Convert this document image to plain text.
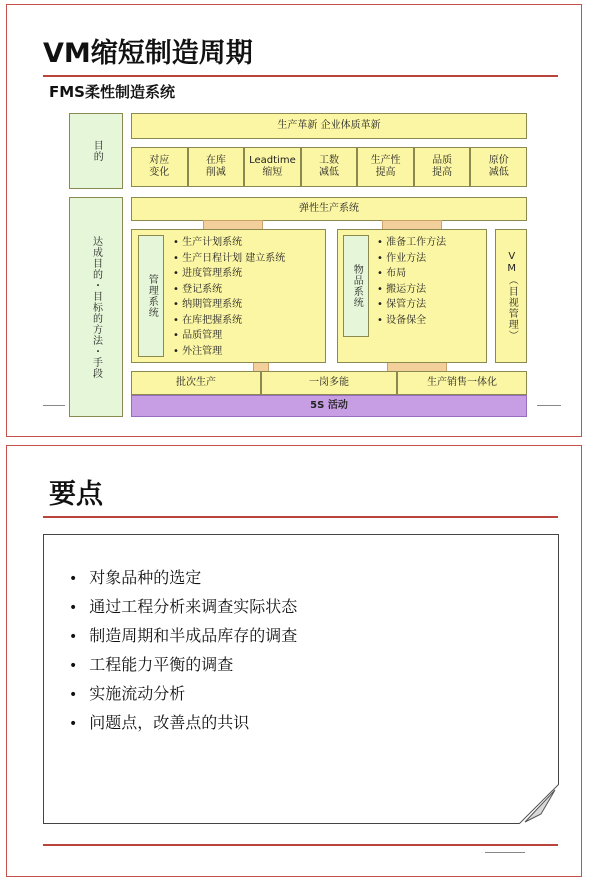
VM缩短制造周期
FMS柔性制造系统
目的
达成目的・目标的方法・手段
生产革新 企业体质革新
对应
变化
在库
削减
Leadtime
缩短
工数
减低
生产性
提高
品质
提高
原价
减低
弹性生产系统
管理系统
• 生产计划系统
• 生产日程计划 建立系统
• 进度管理系统
• 登记系统
• 纳期管理系统
• 在库把握系统
• 品质管理
• 外注管理
物品系统
• 准备工作方法
• 作业方法
• 布局
• 搬运方法
• 保管方法
• 设备保全	VM（目视管理）
批次生产	一岗多能	生产销售一体化
5S 活动
要点
• 对象品种的选定
• 通过工程分析来调查实际状态
• 制造周期和半成品库存的调查
• 工程能力平衡的调查
• 实施流动分析
• 问题点，改善点的共识
